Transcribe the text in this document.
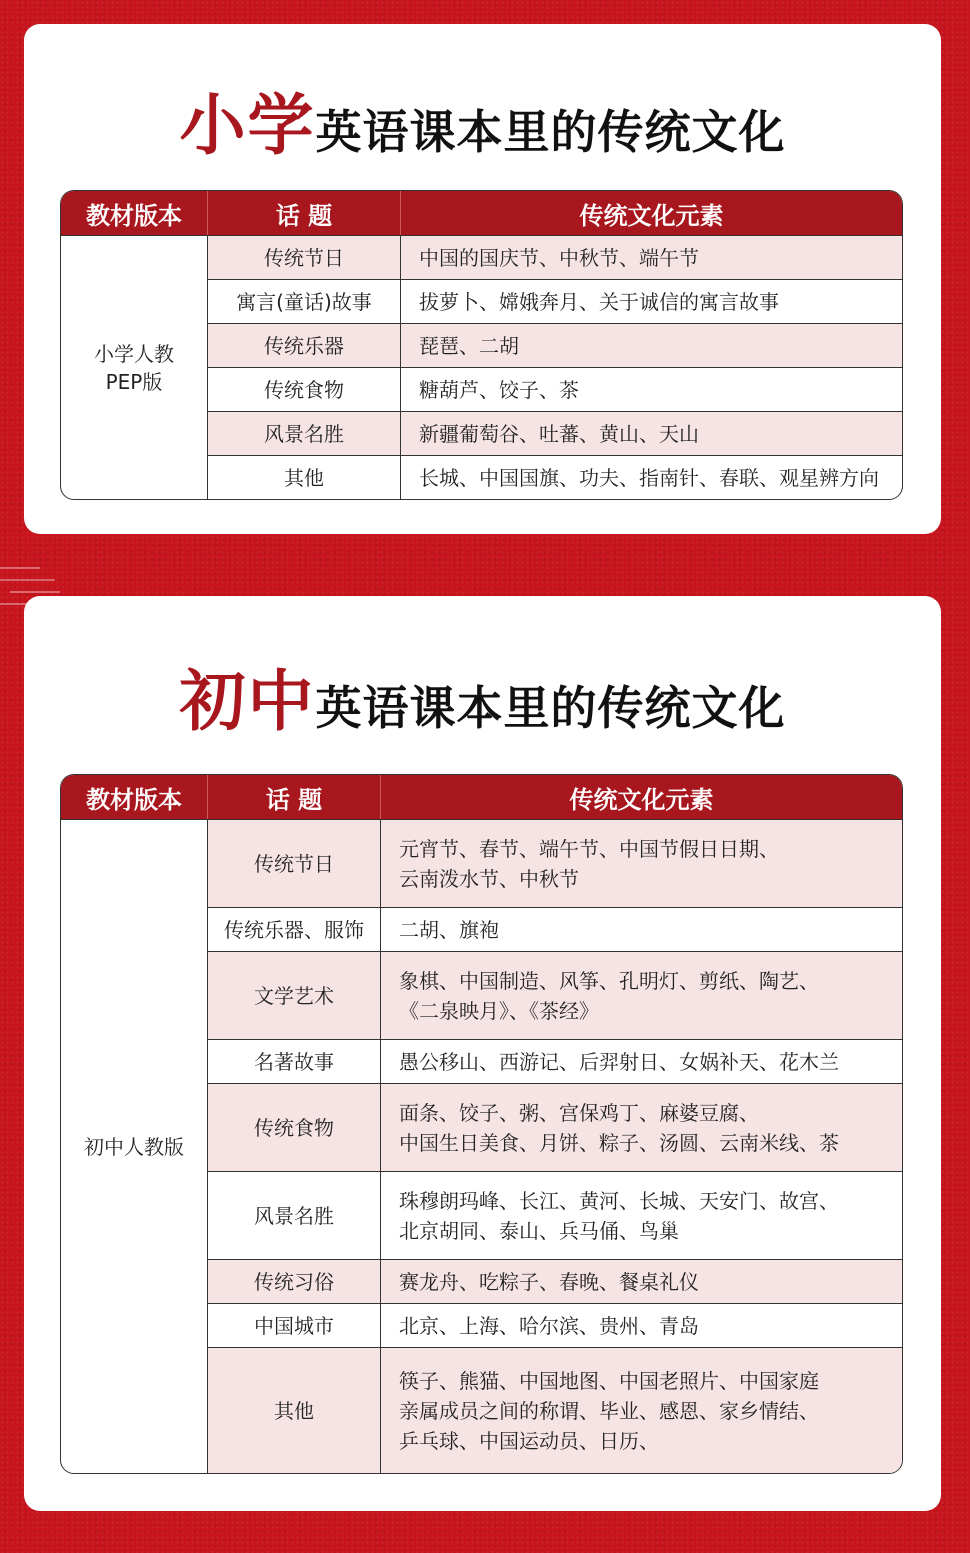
小学英语课本里的传统文化
教材版本	话 题	传统文化元素

小学人教
PEP版	传统节日	中国的国庆节、中秋节、端午节
	寓言(童话)故事	拔萝卜、嫦娥奔月、关于诚信的寓言故事
	传统乐器	琵琶、二胡
	传统食物	糖葫芦、饺子、茶
	风景名胜	新疆葡萄谷、吐蕃、黄山、天山
	其他	长城、中国国旗、功夫、指南针、春联、观星辨方向
初中英语课本里的传统文化
教材版本	话 题	传统文化元素
初中人教版	传统节日	元宵节、春节、端午节、中国节假日日期、
云南泼水节、中秋节

	传统乐器、服饰	二胡、旗袍

	文学艺术	象棋、中国制造、风筝、孔明灯、剪纸、陶艺、
《二泉映月》、《茶经》

	名著故事	愚公移山、西游记、后羿射日、女娲补天、花木兰

	传统食物	面条、饺子、粥、宫保鸡丁、麻婆豆腐、
中国生日美食、月饼、粽子、汤圆、云南米线、茶

	风景名胜	珠穆朗玛峰、长江、黄河、长城、天安门、故宫、
北京胡同、泰山、兵马俑、鸟巢

	传统习俗	赛龙舟、吃粽子、春晚、餐桌礼仪

	中国城市	北京、上海、哈尔滨、贵州、青岛

	其他	筷子、熊猫、中国地图、中国老照片、中国家庭
亲属成员之间的称谓、毕业、感恩、家乡情结、
乒乓球、中国运动员、日历、
